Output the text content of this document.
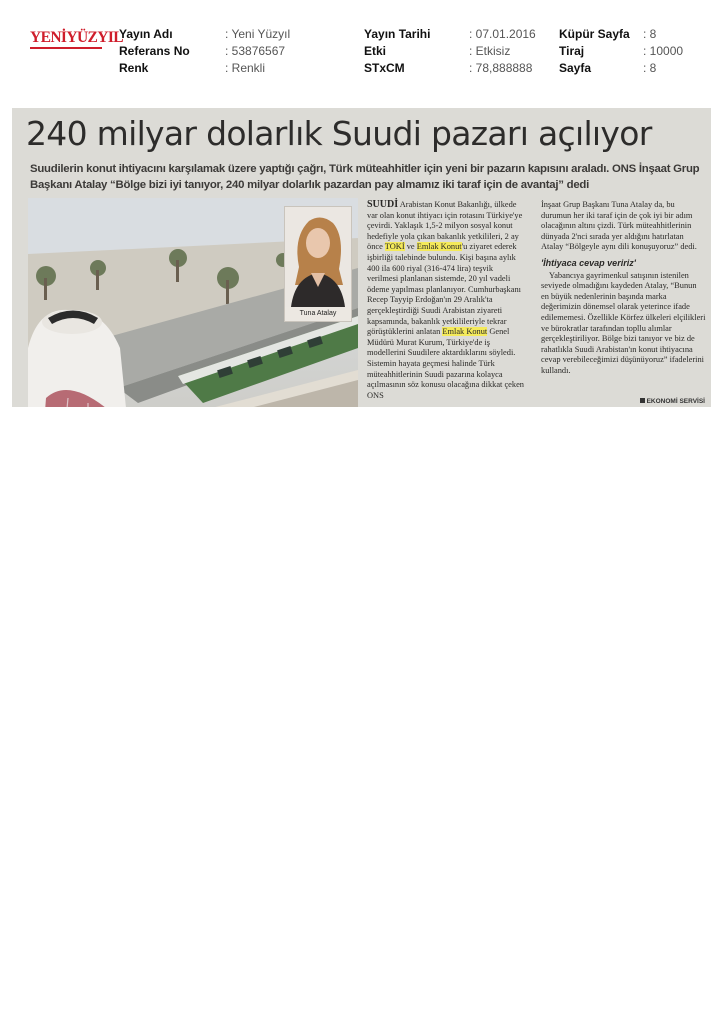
YENİYÜZYIL
Yayın Adı
Referans No
Renk
: Yeni Yüzyıl
: 53876567
: Renkli
Yayın Tarihi
Etki
STxCM
: 07.01.2016
: Etkisiz
: 78,888888
Küpür Sayfa
Tiraj
Sayfa
: 8
: 10000
: 8
240 milyar dolarlık Suudi pazarı açılıyor
Suudilerin konut ihtiyacını karşılamak üzere yaptığı çağrı, Türk müteahhitler için yeni bir pazarın kapısını araladı. ONS İnşaat Grup Başkanı Atalay “Bölge bizi iyi tanıyor, 240 milyar dolarlık pazardan pay almamız iki taraf için de avantaj” dedi
Tuna Atalay

SUUDİ Arabistan Konut Bakanlığı, ülkede var olan konut ihtiyacı için rotasını Türkiye'ye çevirdi. Yaklaşık 1,5-2 milyon sosyal konut hedefiyle yola çıkan bakanlık yetkilileri, 2 ay önce TOKİ ve Emlak Konut'u ziyaret ederek işbirliği talebinde bulundu. Kişi başına aylık 400 ila 600 riyal (316-474 lira) teşvik verilmesi planlanan sistemde, 20 yıl vadeli ödeme yapılması planlanıyor. Cumhurbaşkanı Recep Tayyip Erdoğan'ın 29 Aralık'ta gerçekleştirdiği Suudi Arabistan ziyareti kapsamında, bakanlık yetkilileriyle tekrar görüştüklerini anlatan Emlak Konut Genel Müdürü Murat Kurum, Türkiye'de iş modellerini Suudilere aktardıklarını söyledi. Sistemin hayata geçmesi halinde Türk müteahhitlerinin Suudi pazarına kolayca açılmasının söz konusu olacağına dikkat çeken ONS

İnşaat Grup Başkanı Tuna Atalay da, bu durumun her iki taraf için de çok iyi bir adım olacağının altını çizdi. Türk müteahhitlerinin dünyada 2'nci sırada yer aldığını hatırlatan Atalay “Bölgeyle aynı dili konuşuyoruz” dedi.

'İhtiyaca cevap veririz'

Yabancıya gayrimenkul satışının istenilen seviyede olmadığını kaydeden Atalay, “Bunun en büyük nedenlerinin başında marka değerimizin dönemsel olarak yeterince ifade edilememesi. Özellikle Körfez ülkeleri elçilikleri ve bürokratlar tarafından topllu alımlar gerçekleştiriliyor. Bölge bizi tanıyor ve biz de rahatlıkla Suudi Arabistan'ın konut ihtiyacına cevap verebileceğimizi düşünüyoruz” ifadelerini kullandı.

EKONOMİ SERVİSİ
